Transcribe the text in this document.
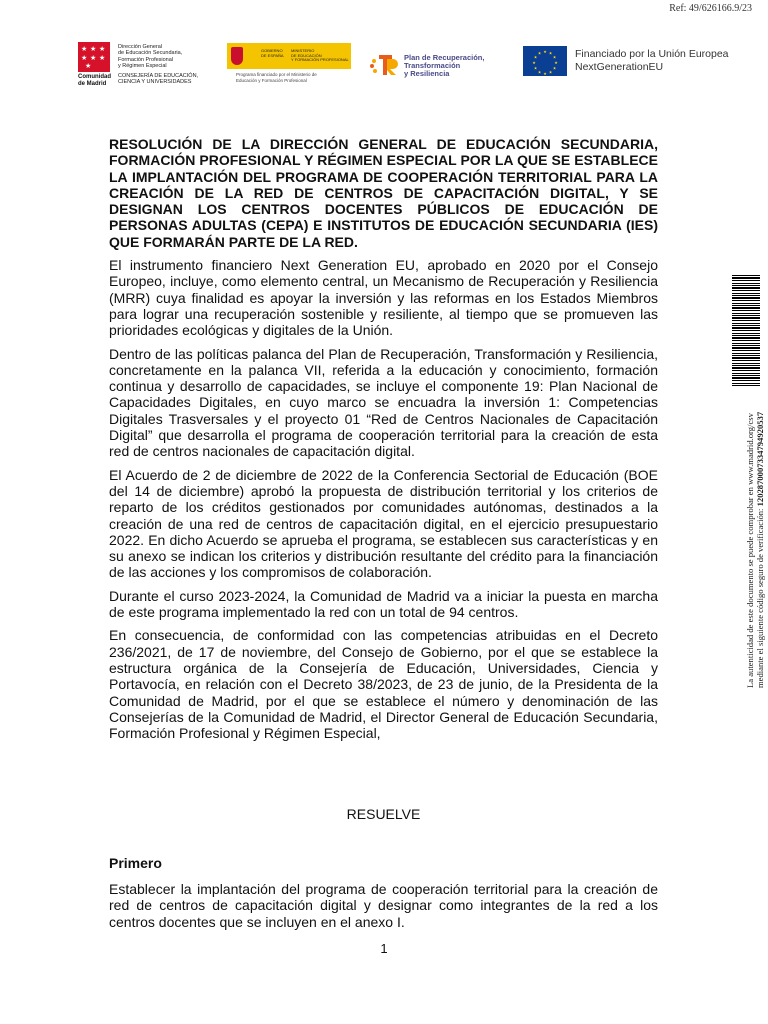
Ref: 49/626166.9/23
★ ★ ★
★ ★ ★
★
Comunidad
de Madrid
Dirección General
de Educación Secundaria,
Formación Profesional
y Régimen Especial
CONSEJERÍA DE EDUCACIÓN,
CIENCIA Y UNIVERSIDADES
GOBIERNO
DE ESPAÑA
MINISTERIO
DE EDUCACIÓN
Y FORMACIÓN PROFESIONAL
Programa financiado por el Ministerio de
Educación y Formación Profesional
Plan de Recuperación,
Transformación
y Resiliencia
★ ★
★
★
★
★
★
★
★
★
★
★	Financiado por la Unión Europea
NextGenerationEU

RESOLUCIÓN DE LA DIRECCIÓN GENERAL DE EDUCACIÓN SECUNDARIA, FORMACIÓN PROFESIONAL Y RÉGIMEN ESPECIAL POR LA QUE SE ESTABLECE LA IMPLANTACIÓN DEL PROGRAMA DE COOPERACIÓN TERRITORIAL PARA LA CREACIÓN DE LA RED DE CENTROS DE CAPACITACIÓN DIGITAL, Y SE DESIGNAN LOS CENTROS DOCENTES PÚBLICOS DE EDUCACIÓN DE PERSONAS ADULTAS (CEPA) E INSTITUTOS DE EDUCACIÓN SECUNDARIA (IES) QUE FORMARÁN PARTE DE LA RED.

El instrumento financiero Next Generation EU, aprobado en 2020 por el Consejo Europeo, incluye, como elemento central, un Mecanismo de Recuperación y Resiliencia (MRR) cuya finalidad es apoyar la inversión y las reformas en los Estados Miembros para lograr una recuperación sostenible y resiliente, al tiempo que se promueven las prioridades ecológicas y digitales de la Unión.

Dentro de las políticas palanca del Plan de Recuperación, Transformación y Resiliencia, concretamente en la palanca VII, referida a la educación y conocimiento, formación continua y desarrollo de capacidades, se incluye el componente 19: Plan Nacional de Capacidades Digitales, en cuyo marco se encuadra la inversión 1: Competencias Digitales Trasversales y el proyecto 01 “Red de Centros Nacionales de Capacitación Digital” que desarrolla el programa de cooperación territorial para la creación de esta red de centros nacionales de capacitación digital.

El Acuerdo de 2 de diciembre de 2022 de la Conferencia Sectorial de Educación (BOE del 14 de diciembre) aprobó la propuesta de distribución territorial y los criterios de reparto de los créditos gestionados por comunidades autónomas, destinados a la creación de una red de centros de capacitación digital, en el ejercicio presupuestario 2022. En dicho Acuerdo se aprueba el programa, se establecen sus características y en su anexo se indican los criterios y distribución resultante del crédito para la financiación de las acciones y los compromisos de colaboración.

Durante el curso 2023-2024, la Comunidad de Madrid va a iniciar la puesta en marcha de este programa implementado la red con un total de 94 centros.

En consecuencia, de conformidad con las competencias atribuidas en el Decreto 236/2021, de 17 de noviembre, del Consejo de Gobierno, por el que se establece la estructura orgánica de la Consejería de Educación, Universidades, Ciencia y Portavocía, en relación con el Decreto 38/2023, de 23 de junio, de la Presidenta de la Comunidad de Madrid, por el que se establece el número y denominación de las Consejerías de la Comunidad de Madrid, el Director General de Educación Secundaria, Formación Profesional y Régimen Especial,

RESUELVE
Primero

Establecer la implantación del programa de cooperación territorial para la creación de red de centros de capacitación digital y designar como integrantes de la red a los centros docentes que se incluyen en el anexo I.

1
La autenticidad de este documento se puede comprobar en www.madrid.org/csv mediante el siguiente código seguro de verificación: 1202870007334794920537
